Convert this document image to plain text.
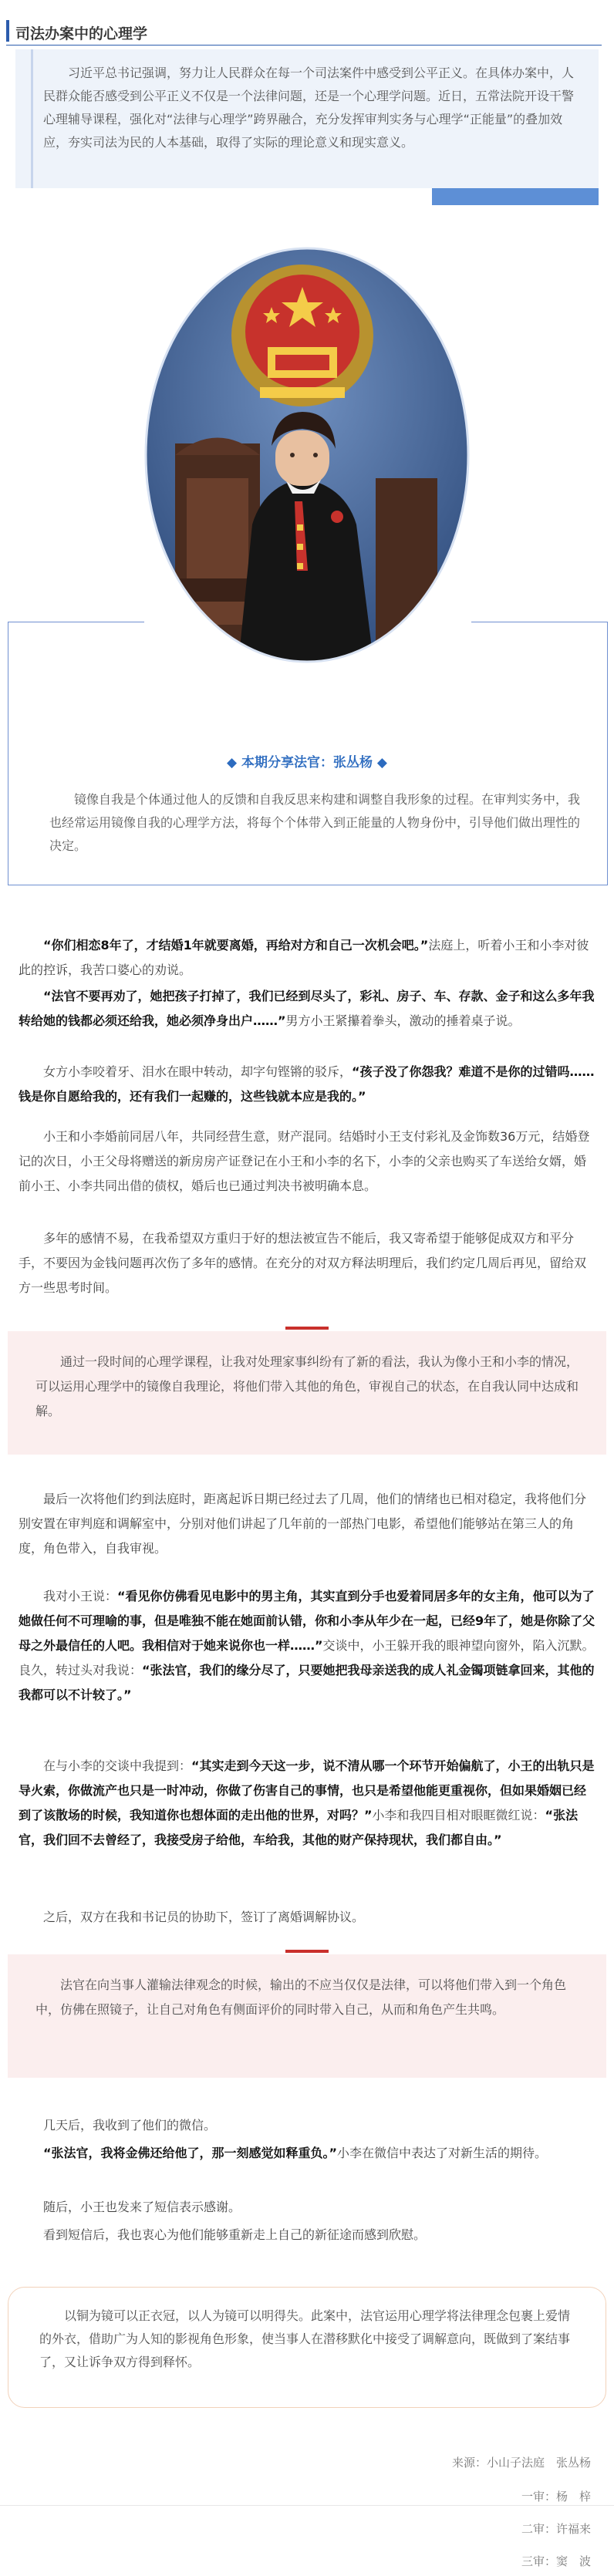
司法办案中的心理学

习近平总书记强调，努力让人民群众在每一个司法案件中感受到公平正义。在具体办案中，人民群众能否感受到公平正义不仅是一个法律问题，还是一个心理学问题。近日，五常法院开设干警心理辅导课程，强化对“法律与心理学”跨界融合，充分发挥审判实务与心理学“正能量”的叠加效应，夯实司法为民的人本基础，取得了实际的理论意义和现实意义。

◆ 本期分享法官：张丛杨 ◆

镜像自我是个体通过他人的反馈和自我反思来构建和调整自我形象的过程。在审判实务中，我也经常运用镜像自我的心理学方法，将每个个体带入到正能量的人物身份中，引导他们做出理性的决定。

“你们相恋8年了，才结婚1年就要离婚，再给对方和自己一次机会吧。”法庭上，听着小王和小李对彼此的控诉，我苦口婆心的劝说。

“法官不要再劝了，她把孩子打掉了，我们已经到尽头了，彩礼、房子、车、存款、金子和这么多年我转给她的钱都必须还给我，她必须净身出户……”男方小王紧攥着拳头，激动的捶着桌子说。

女方小李咬着牙、泪水在眼中转动，却字句铿锵的驳斥，“孩子没了你怨我？难道不是你的过错吗……钱是你自愿给我的，还有我们一起赚的，这些钱就本应是我的。”

小王和小李婚前同居八年，共同经营生意，财产混同。结婚时小王支付彩礼及金饰数36万元，结婚登记的次日，小王父母将赠送的新房房产证登记在小王和小李的名下，小李的父亲也购买了车送给女婿，婚前小王、小李共同出借的债权，婚后也已通过判决书被明确本息。

多年的感情不易，在我希望双方重归于好的想法被宣告不能后，我又寄希望于能够促成双方和平分手，不要因为金钱问题再次伤了多年的感情。在充分的对双方释法明理后，我们约定几周后再见，留给双方一些思考时间。

通过一段时间的心理学课程，让我对处理家事纠纷有了新的看法，我认为像小王和小李的情况，可以运用心理学中的镜像自我理论，将他们带入其他的角色，审视自己的状态，在自我认同中达成和解。

最后一次将他们约到法庭时，距离起诉日期已经过去了几周，他们的情绪也已相对稳定，我将他们分别安置在审判庭和调解室中，分别对他们讲起了几年前的一部热门电影，希望他们能够站在第三人的角度，角色带入，自我审视。

我对小王说：“看见你仿佛看见电影中的男主角，其实直到分手也爱着同居多年的女主角，他可以为了她做任何不可理喻的事，但是唯独不能在她面前认错，你和小李从年少在一起，已经9年了，她是你除了父母之外最信任的人吧。我相信对于她来说你也一样……”交谈中，小王躲开我的眼神望向窗外，陷入沉默。良久，转过头对我说：“张法官，我们的缘分尽了，只要她把我母亲送我的成人礼金镯项链拿回来，其他的我都可以不计较了。”

在与小李的交谈中我提到：“其实走到今天这一步，说不清从哪一个环节开始偏航了，小王的出轨只是导火索，你做流产也只是一时冲动，你做了伤害自己的事情，也只是希望他能更重视你，但如果婚姻已经到了该散场的时候，我知道你也想体面的走出他的世界，对吗？”小李和我四目相对眼眶微红说：“张法官，我们回不去曾经了，我接受房子给他，车给我，其他的财产保持现状，我们都自由。”

之后，双方在我和书记员的协助下，签订了离婚调解协议。

法官在向当事人灌输法律观念的时候，输出的不应当仅仅是法律，可以将他们带入到一个角色中，仿佛在照镜子，让自己对角色有侧面评价的同时带入自己，从而和角色产生共鸣。

几天后，我收到了他们的微信。

“张法官，我将金佛还给他了，那一刻感觉如释重负。”小李在微信中表达了对新生活的期待。

随后，小王也发来了短信表示感谢。

看到短信后，我也衷心为他们能够重新走上自己的新征途而感到欣慰。

以铜为镜可以正衣冠，以人为镜可以明得失。此案中，法官运用心理学将法律理念包裹上爱情的外衣，借助广为人知的影视角色形象，使当事人在潜移默化中接受了调解意向，既做到了案结事了，又让诉争双方得到释怀。

来源：小山子法庭　张丛杨
一审：杨　梓
二审：许福来
三审：窦　波
